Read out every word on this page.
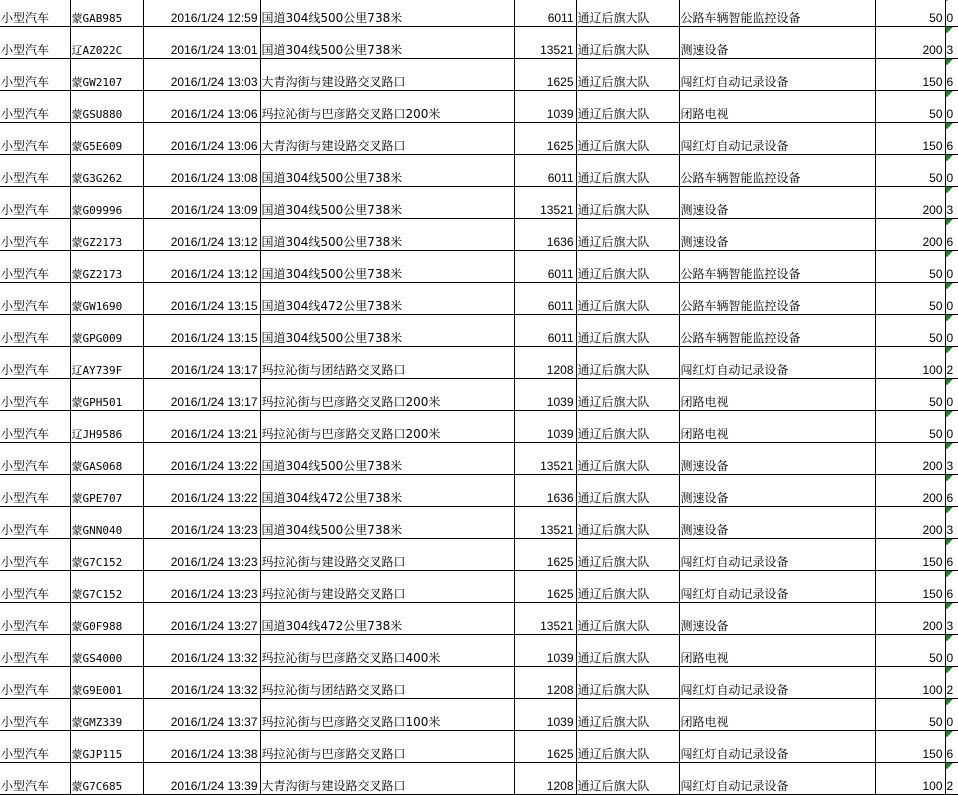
小型汽车	蒙GAB985	2016/1/24 12:59	国道304线500公里738米	6011	通辽后旗大队	公路车辆智能监控设备	50	0

小型汽车	辽AZ022C	2016/1/24 13:01	国道304线500公里738米	13521	通辽后旗大队	测速设备	200	3

小型汽车	蒙GW2107	2016/1/24 13:03	大青沟街与建设路交叉路口	1625	通辽后旗大队	闯红灯自动记录设备	150	6

小型汽车	蒙GSU880	2016/1/24 13:06	玛拉沁街与巴彦路交叉路口200米	1039	通辽后旗大队	闭路电视	50	0

小型汽车	蒙G5E609	2016/1/24 13:06	大青沟街与建设路交叉路口	1625	通辽后旗大队	闯红灯自动记录设备	150	6

小型汽车	蒙G3G262	2016/1/24 13:08	国道304线500公里738米	6011	通辽后旗大队	公路车辆智能监控设备	50	0

小型汽车	蒙G09996	2016/1/24 13:09	国道304线500公里738米	13521	通辽后旗大队	测速设备	200	3

小型汽车	蒙GZ2173	2016/1/24 13:12	国道304线500公里738米	1636	通辽后旗大队	测速设备	200	6

小型汽车	蒙GZ2173	2016/1/24 13:12	国道304线500公里738米	6011	通辽后旗大队	公路车辆智能监控设备	50	0

小型汽车	蒙GW1690	2016/1/24 13:15	国道304线472公里738米	6011	通辽后旗大队	公路车辆智能监控设备	50	0

小型汽车	蒙GPG009	2016/1/24 13:15	国道304线500公里738米	6011	通辽后旗大队	公路车辆智能监控设备	50	0

小型汽车	辽AY739F	2016/1/24 13:17	玛拉沁街与团结路交叉路口	1208	通辽后旗大队	闯红灯自动记录设备	100	2

小型汽车	蒙GPH501	2016/1/24 13:17	玛拉沁街与巴彦路交叉路口200米	1039	通辽后旗大队	闭路电视	50	0

小型汽车	辽JH9586	2016/1/24 13:21	玛拉沁街与巴彦路交叉路口200米	1039	通辽后旗大队	闭路电视	50	0

小型汽车	蒙GAS068	2016/1/24 13:22	国道304线500公里738米	13521	通辽后旗大队	测速设备	200	3

小型汽车	蒙GPE707	2016/1/24 13:22	国道304线472公里738米	1636	通辽后旗大队	测速设备	200	6

小型汽车	蒙GNN040	2016/1/24 13:23	国道304线500公里738米	13521	通辽后旗大队	测速设备	200	3

小型汽车	蒙G7C152	2016/1/24 13:23	玛拉沁街与建设路交叉路口	1625	通辽后旗大队	闯红灯自动记录设备	150	6

小型汽车	蒙G7C152	2016/1/24 13:23	玛拉沁街与建设路交叉路口	1625	通辽后旗大队	闯红灯自动记录设备	150	6

小型汽车	蒙G0F988	2016/1/24 13:27	国道304线472公里738米	13521	通辽后旗大队	测速设备	200	3

小型汽车	蒙GS4000	2016/1/24 13:32	玛拉沁街与巴彦路交叉路口400米	1039	通辽后旗大队	闭路电视	50	0

小型汽车	蒙G9E001	2016/1/24 13:32	玛拉沁街与团结路交叉路口	1208	通辽后旗大队	闯红灯自动记录设备	100	2

小型汽车	蒙GMZ339	2016/1/24 13:37	玛拉沁街与巴彦路交叉路口100米	1039	通辽后旗大队	闭路电视	50	0

小型汽车	蒙GJP115	2016/1/24 13:38	玛拉沁街与巴彦路交叉路口	1625	通辽后旗大队	闯红灯自动记录设备	150	6

小型汽车	蒙G7C685	2016/1/24 13:39	大青沟街与建设路交叉路口	1208	通辽后旗大队	闯红灯自动记录设备	100	2
